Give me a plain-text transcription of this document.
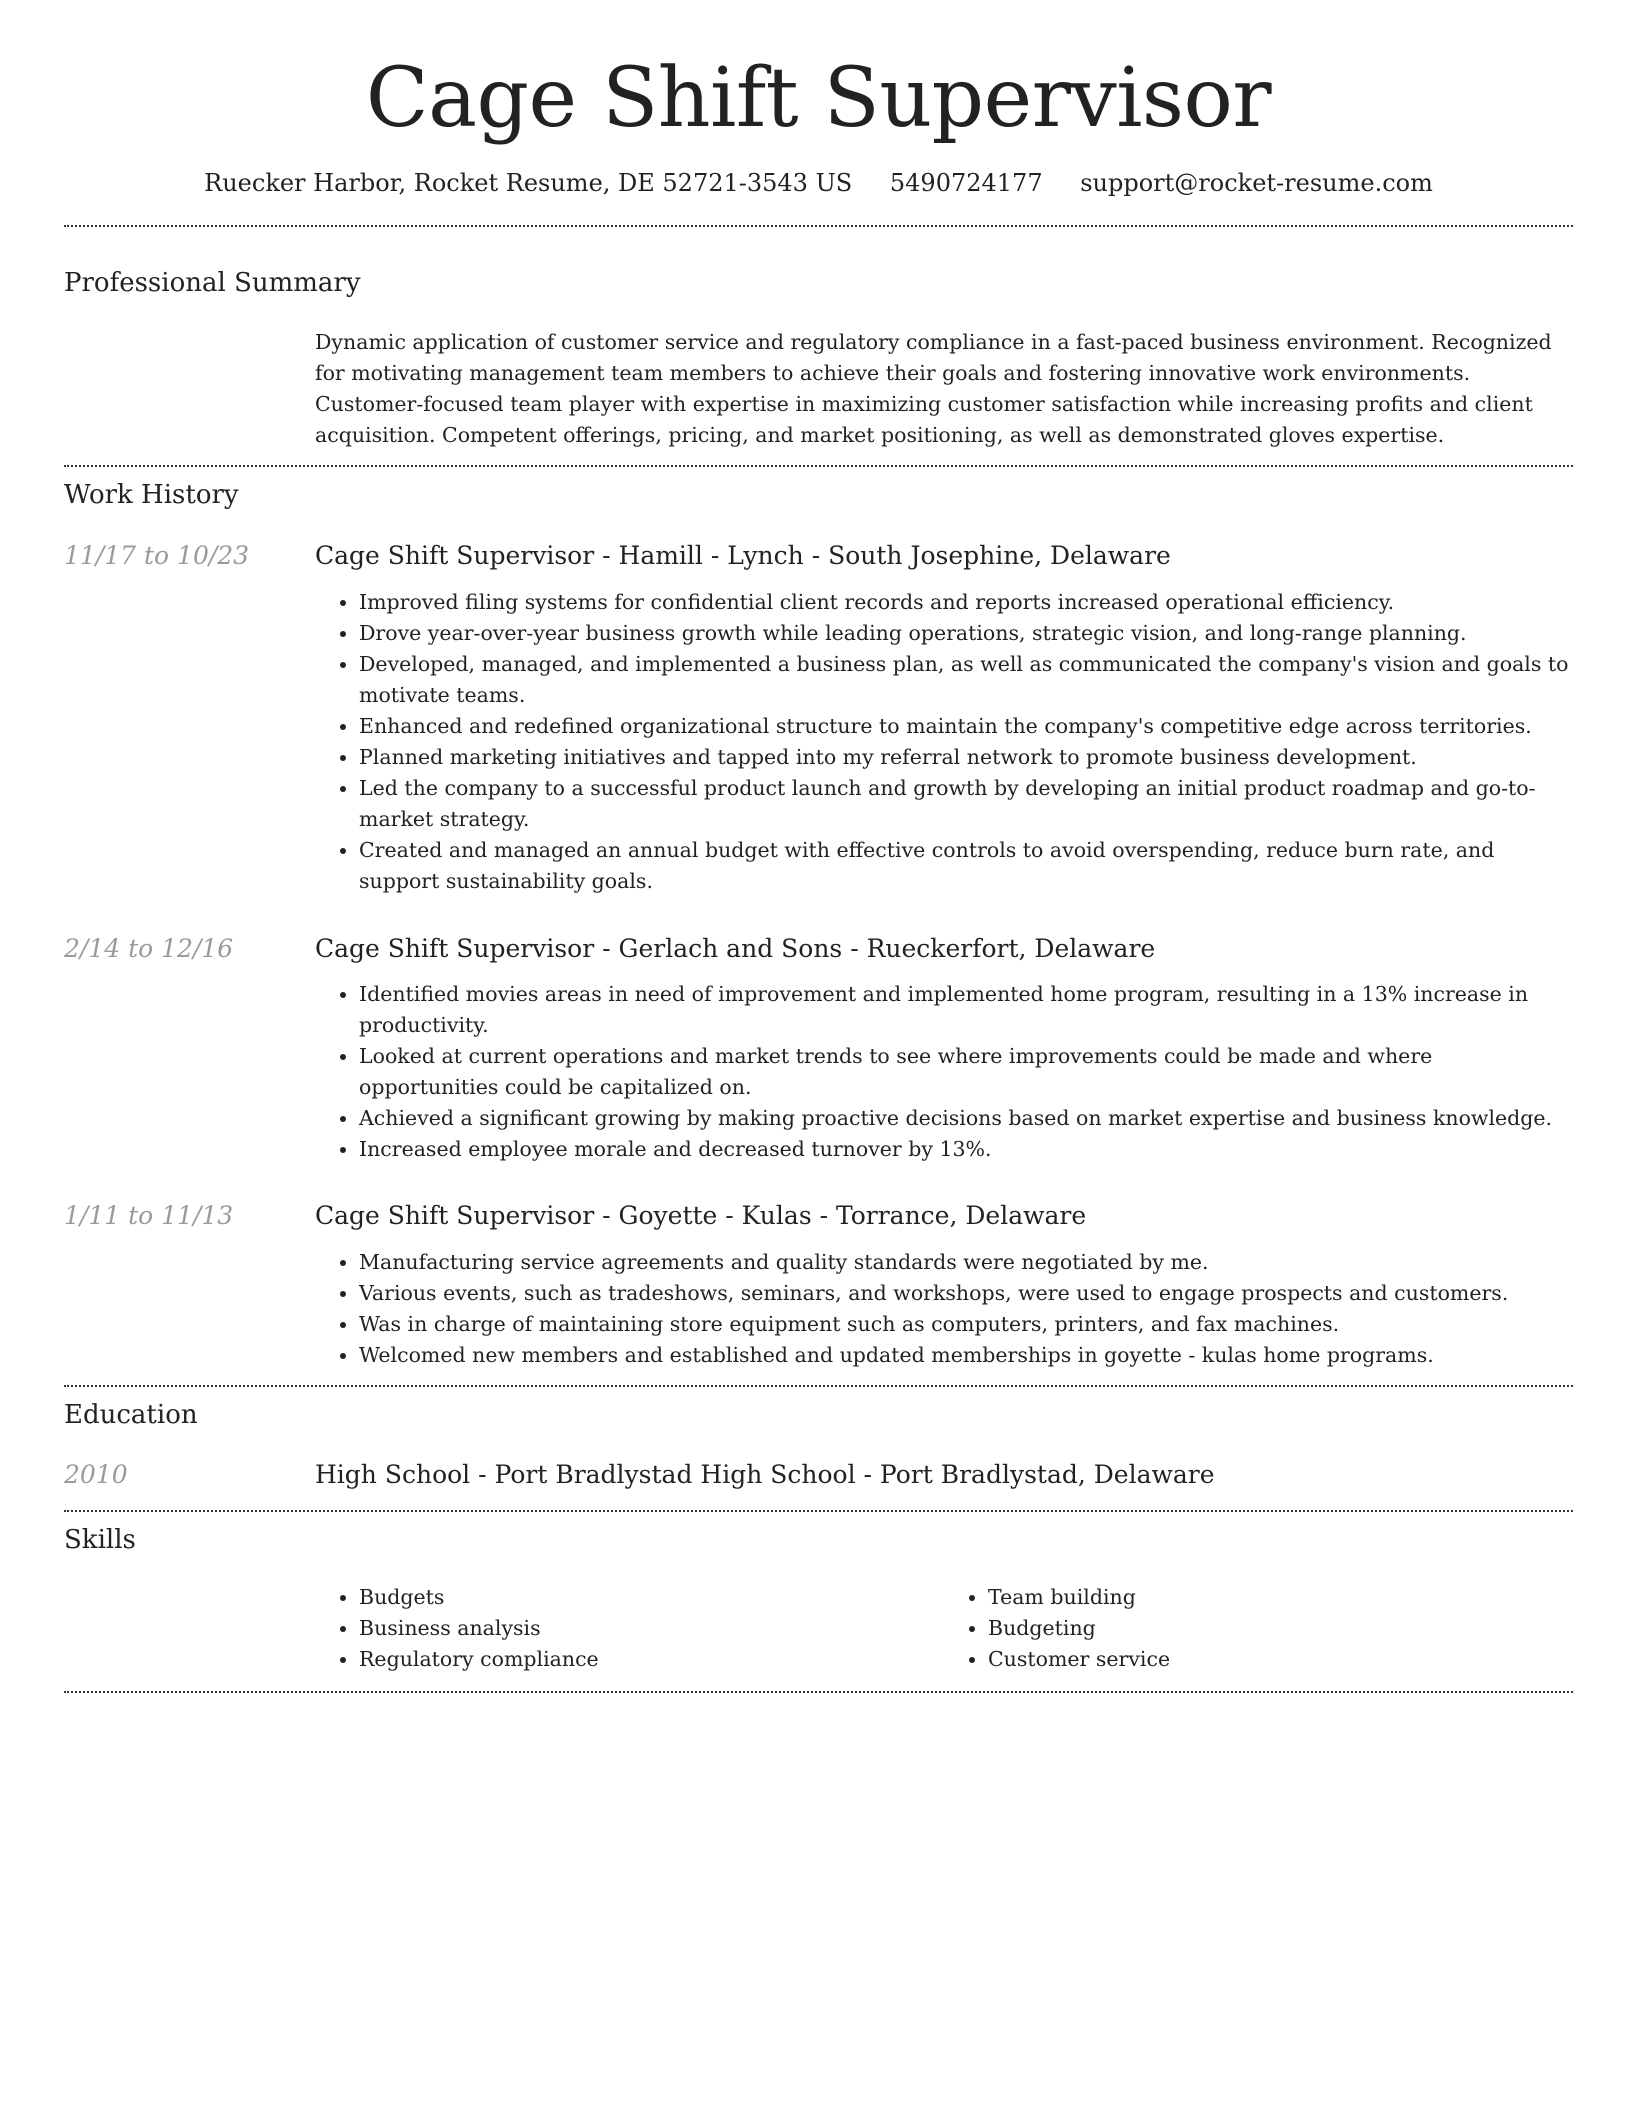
Cage Shift Supervisor
Ruecker Harbor, Rocket Resume, DE 52721-3543 US 5490724177 support@rocket-resume.com
Professional Summary
Dynamic application of customer service and regulatory compliance in a fast-paced business environment. Recognized for motivating management team members to achieve their goals and fostering innovative work environments. Customer-focused team player with expertise in maximizing customer satisfaction while increasing profits and client acquisition. Competent offerings, pricing, and market positioning, as well as demonstrated gloves expertise.
Work History
11/17 to 10/23	Cage Shift Supervisor - Hamill - Lynch - South Josephine, Delaware
• Improved filing systems for confidential client records and reports increased operational efficiency.
• Drove year-over-year business growth while leading operations, strategic vision, and long-range planning.
• Developed, managed, and implemented a business plan, as well as communicated the company's vision and goals to motivate teams.
• Enhanced and redefined organizational structure to maintain the company's competitive edge across territories.
• Planned marketing initiatives and tapped into my referral network to promote business development.
• Led the company to a successful product launch and growth by developing an initial product roadmap and go-to-market strategy.
• Created and managed an annual budget with effective controls to avoid overspending, reduce burn rate, and support sustainability goals.
2/14 to 12/16	Cage Shift Supervisor - Gerlach and Sons - Rueckerfort, Delaware
• Identified movies areas in need of improvement and implemented home program, resulting in a 13% increase in productivity.
• Looked at current operations and market trends to see where improvements could be made and where opportunities could be capitalized on.
• Achieved a significant growing by making proactive decisions based on market expertise and business knowledge.
• Increased employee morale and decreased turnover by 13%.
1/11 to 11/13	Cage Shift Supervisor - Goyette - Kulas - Torrance, Delaware
• Manufacturing service agreements and quality standards were negotiated by me.
• Various events, such as tradeshows, seminars, and workshops, were used to engage prospects and customers.
• Was in charge of maintaining store equipment such as computers, printers, and fax machines.
• Welcomed new members and established and updated memberships in goyette - kulas home programs.
Education
2010	High School - Port Bradlystad High School - Port Bradlystad, Delaware
Skills
• Budgets
• Business analysis
• Regulatory compliance
• Team building
• Budgeting
• Customer service
